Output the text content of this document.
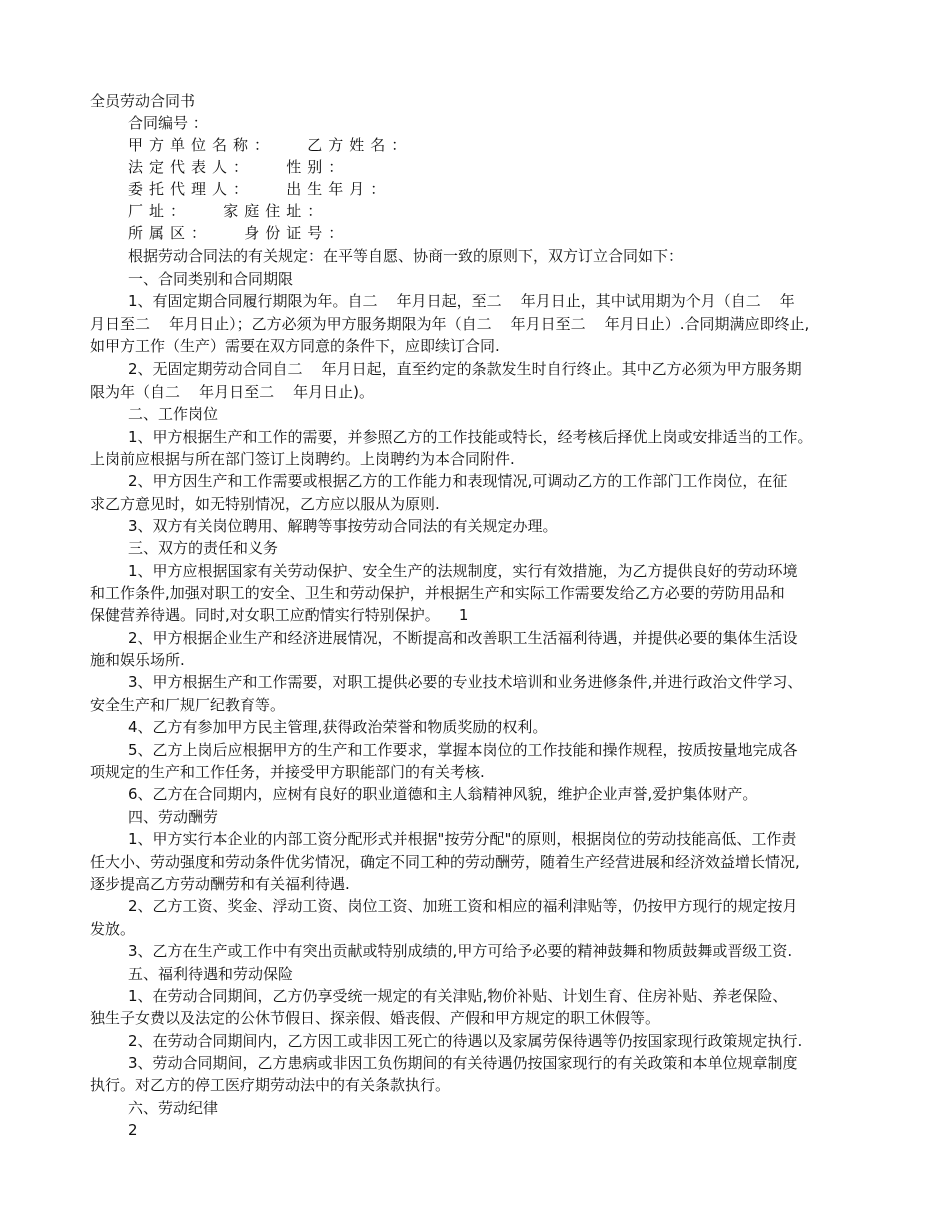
全员劳动合同书
合同编号 ：
甲方单位名称：   乙方姓名：
法定代表人：   性别：
委托代理人：   出生年月：
厂址：   家庭住址：
所属区：   身份证号：
根据劳动合同法的有关规定：在平等自愿、协商一致的原则下，双方订立合同如下：
一、合同类别和合同期限
1、有固定期合同履行期限为年。自二    年月日起，至二    年月日止，其中试用期为个月（自二    年
月日至二    年月日止）；乙方必须为甲方服务期限为年（自二    年月日至二    年月日止）.合同期满应即终止,
如甲方工作（生产）需要在双方同意的条件下，应即续订合同.
2、无固定期劳动合同自二    年月日起，直至约定的条款发生时自行终止。其中乙方必须为甲方服务期
限为年（自二    年月日至二    年月日止)。
二、工作岗位
1、甲方根据生产和工作的需要，并参照乙方的工作技能或特长，经考核后择优上岗或安排适当的工作。
上岗前应根据与所在部门签订上岗聘约。上岗聘约为本合同附件.
2、甲方因生产和工作需要或根据乙方的工作能力和表现情况,可调动乙方的工作部门工作岗位，在征
求乙方意见时，如无特别情况，乙方应以服从为原则.
3、双方有关岗位聘用、解聘等事按劳动合同法的有关规定办理。
三、双方的责任和义务
1、甲方应根据国家有关劳动保护、安全生产的法规制度，实行有效措施，为乙方提供良好的劳动环境
和工作条件,加强对职工的安全、卫生和劳动保护，并根据生产和实际工作需要发给乙方必要的劳防用品和
保健营养待遇。同时,对女职工应酌情实行特别保护。    1
2、甲方根据企业生产和经济进展情况，不断提高和改善职工生活福利待遇，并提供必要的集体生活设
施和娱乐场所.
3、甲方根据生产和工作需要，对职工提供必要的专业技术培训和业务进修条件,并进行政治文件学习、
安全生产和厂规厂纪教育等。
4、乙方有参加甲方民主管理,获得政治荣誉和物质奖励的权利。
5、乙方上岗后应根据甲方的生产和工作要求，掌握本岗位的工作技能和操作规程，按质按量地完成各
项规定的生产和工作任务，并接受甲方职能部门的有关考核.
6、乙方在合同期内，应树有良好的职业道德和主人翁精神风貌，维护企业声誉,爱护集体财产。
四、劳动酬劳
1、甲方实行本企业的内部工资分配形式并根据"按劳分配"的原则，根据岗位的劳动技能高低、工作责
任大小、劳动强度和劳动条件优劣情况，确定不同工种的劳动酬劳，随着生产经营进展和经济效益增长情况,
逐步提高乙方劳动酬劳和有关福利待遇.
2、乙方工资、奖金、浮动工资、岗位工资、加班工资和相应的福利津贴等，仍按甲方现行的规定按月
发放。
3、乙方在生产或工作中有突出贡献或特别成绩的,甲方可给予必要的精神鼓舞和物质鼓舞或晋级工资.
五、福利待遇和劳动保险
1、在劳动合同期间，乙方仍享受统一规定的有关津贴,物价补贴、计划生育、住房补贴、养老保险、
独生子女费以及法定的公休节假日、探亲假、婚丧假、产假和甲方规定的职工休假等。
2、在劳动合同期间内，乙方因工或非因工死亡的待遇以及家属劳保待遇等仍按国家现行政策规定执行.
3、劳动合同期间，乙方患病或非因工负伤期间的有关待遇仍按国家现行的有关政策和本单位规章制度
执行。对乙方的停工医疗期劳动法中的有关条款执行。
六、劳动纪律
2
